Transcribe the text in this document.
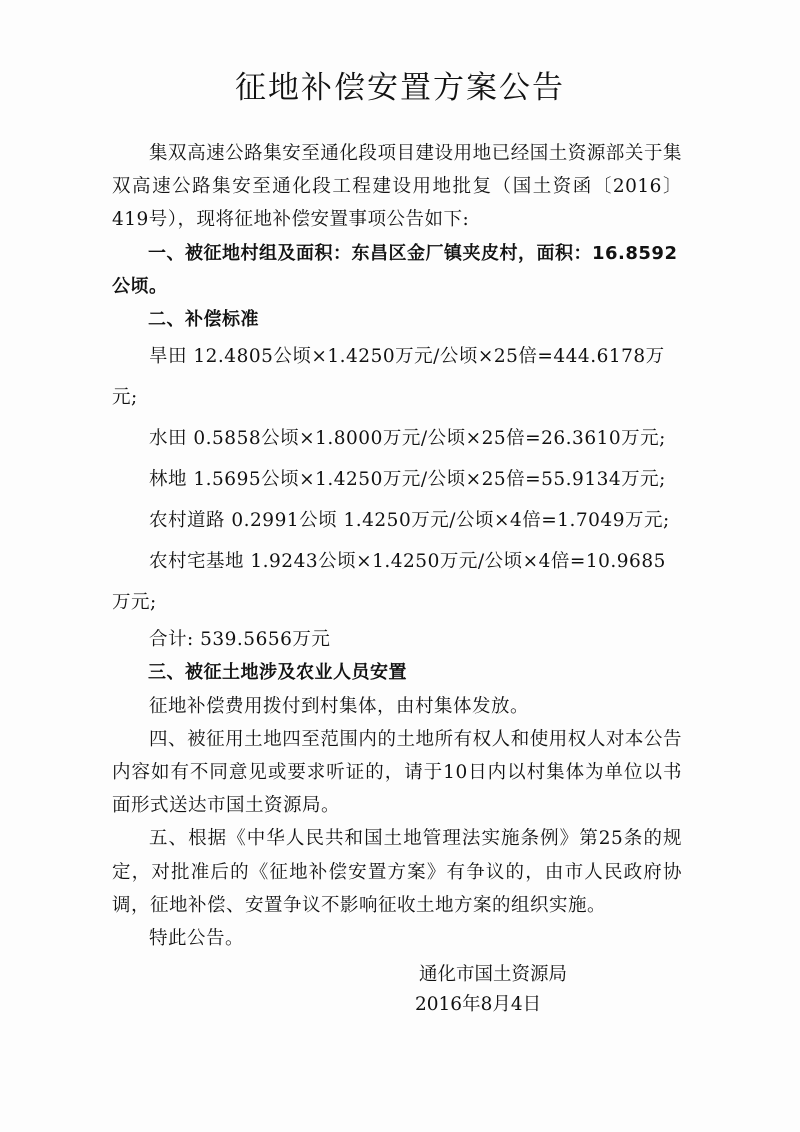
征地补偿安置方案公告

集双高速公路集安至通化段项目建设用地已经国土资源部关于集双高速公路集安至通化段工程建设用地批复（国土资函〔2016〕419号），现将征地补偿安置事项公告如下:

一、被征地村组及面积：东昌区金厂镇夹皮村，面积：16.8592公顷。

二、补偿标准

旱田 12.4805公顷×1.4250万元/公顷×25倍=444.6178万元;

水田 0.5858公顷×1.8000万元/公顷×25倍=26.3610万元;

林地 1.5695公顷×1.4250万元/公顷×25倍=55.9134万元;

农村道路 0.2991公顷 1.4250万元/公顷×4倍=1.7049万元;

农村宅基地 1.9243公顷×1.4250万元/公顷×4倍=10.9685万元;

合计: 539.5656万元

三、被征土地涉及农业人员安置

征地补偿费用拨付到村集体，由村集体发放。

四、被征用土地四至范围内的土地所有权人和使用权人对本公告内容如有不同意见或要求听证的，请于10日内以村集体为单位以书面形式送达市国土资源局。

五、根据《中华人民共和国土地管理法实施条例》第25条的规定，对批准后的《征地补偿安置方案》有争议的，由市人民政府协调，征地补偿、安置争议不影响征收土地方案的组织实施。

特此公告。

通化市国土资源局
2016年8月4日
